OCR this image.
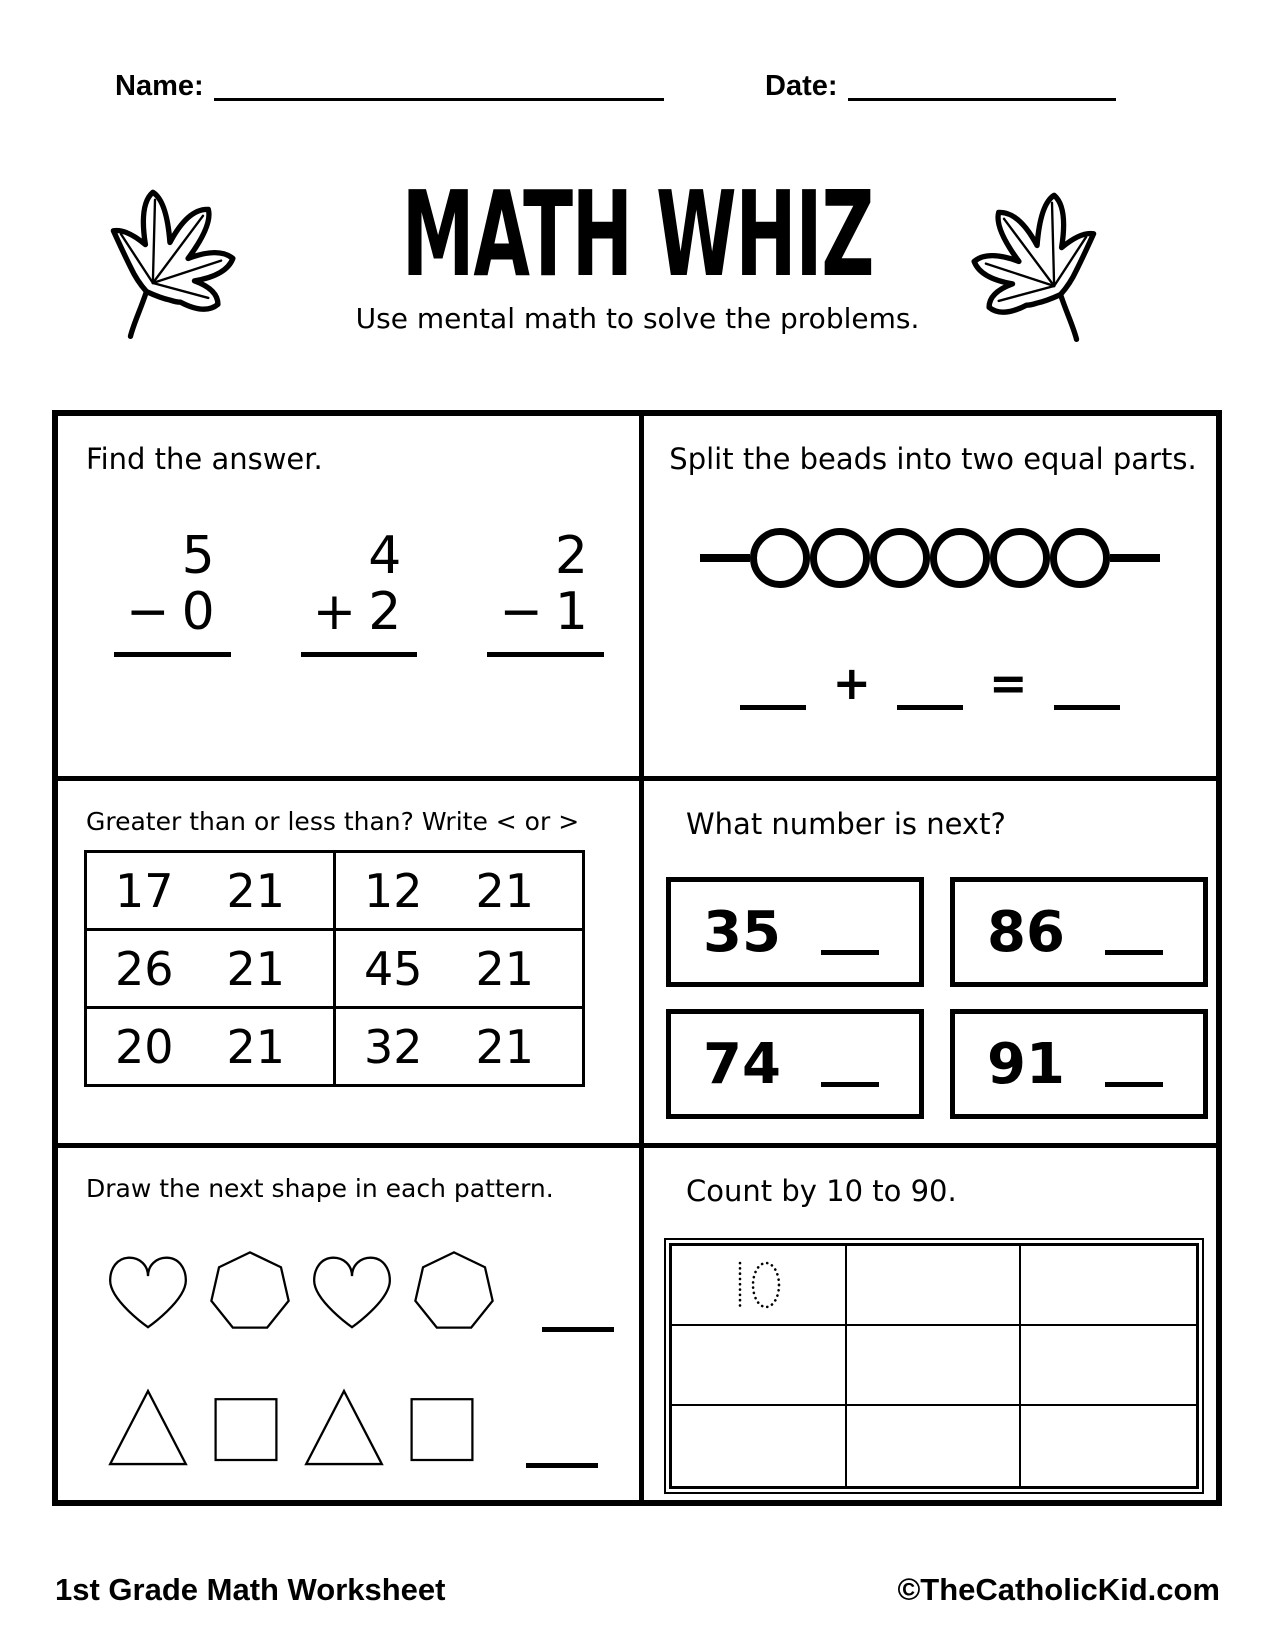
Name:	Date:
MATH WHIZ
Use mental math to solve the problems.
Find the answer.
5
− 0
4
+ 2
2
− 1
Split the beads into two equal parts.
+	=
Greater than or less than? Write < or >
17 21	12 21

26 21	45 21

20 21	32 21
What number is next?
35	86
74	91
Draw the next shape in each pattern.	Count by 10 to 90.
1st Grade Math Worksheet	©TheCatholicKid.com
